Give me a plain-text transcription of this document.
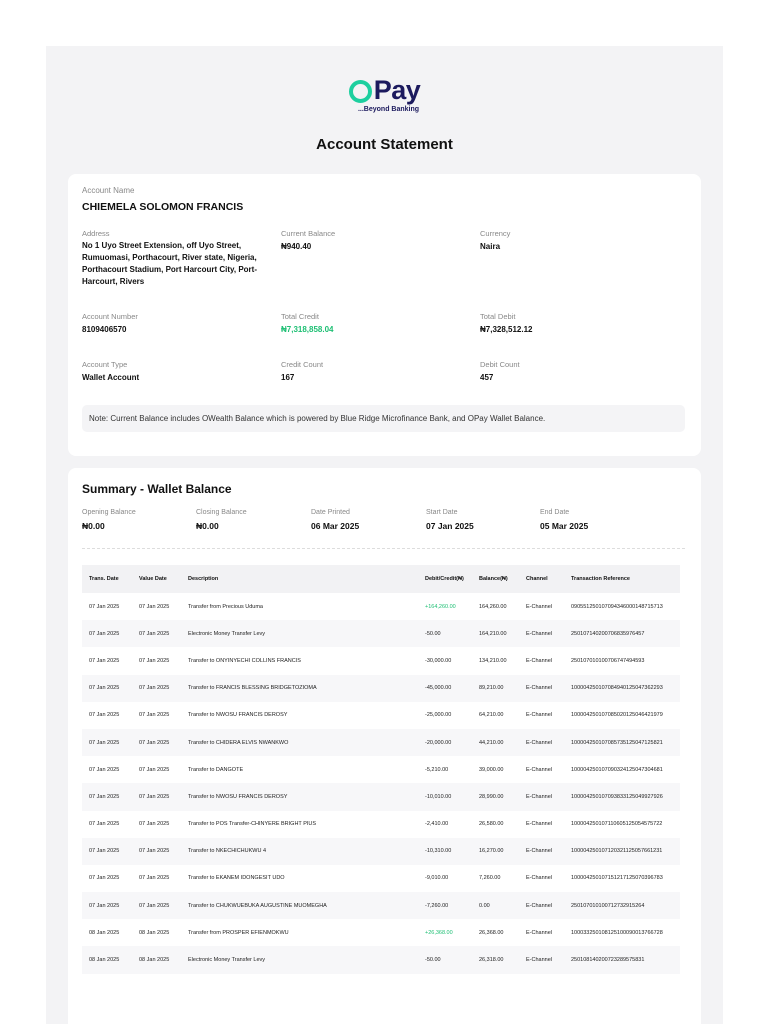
Pay
...Beyond Banking
Account Statement
Account Name
CHIEMELA SOLOMON FRANCIS
Address
No 1 Uyo Street Extension, off Uyo Street, Rumuomasi, Porthacourt, River state, Nigeria, Porthacourt Stadium, Port Harcourt City, Port-Harcourt, Rivers
Current Balance
₦940.40
Currency
Naira
Account Number
8109406570
Total Credit
₦7,318,858.04
Total Debit
₦7,328,512.12
Account Type
Wallet Account
Credit Count
167
Debit Count
457
Note: Current Balance includes OWealth Balance which is powered by Blue Ridge Microfinance Bank, and OPay Wallet Balance.
Summary - Wallet Balance
Opening Balance
₦0.00
Closing Balance
₦0.00
Date Printed
06 Mar 2025
Start Date
07 Jan 2025
End Date
05 Mar 2025
Trans. Date	Value Date	Description	Debit/Credit(₦)	Balance(₦)	Channel	Transaction Reference
07 Jan 2025	07 Jan 2025	Transfer from Precious Uduma	+164,260.00	164,260.00	E-Channel	090551250107094346000148715713
07 Jan 2025	07 Jan 2025	Electronic Money Transfer Levy	-50.00	164,210.00	E-Channel	250107140200706835976457
07 Jan 2025	07 Jan 2025	Transfer to ONYINYECHI COLLINS FRANCIS	-30,000.00	134,210.00	E-Channel	250107010100706747494593
07 Jan 2025	07 Jan 2025	Transfer to FRANCIS BLESSING BRIDGETOZIOMA	-45,000.00	89,210.00	E-Channel	100004250107084940125047362293
07 Jan 2025	07 Jan 2025	Transfer to NWOSU FRANCIS DEROSY	-25,000.00	64,210.00	E-Channel	100004250107085020125046421979
07 Jan 2025	07 Jan 2025	Transfer to CHIDERA ELVIS NWANKWO	-20,000.00	44,210.00	E-Channel	100004250107085735125047125821
07 Jan 2025	07 Jan 2025	Transfer to DANGOTE	-5,210.00	39,000.00	E-Channel	100004250107090324125047304681
07 Jan 2025	07 Jan 2025	Transfer to NWOSU FRANCIS DEROSY	-10,010.00	28,990.00	E-Channel	100004250107093833125049927926
07 Jan 2025	07 Jan 2025	Transfer to POS Transfer-CHINYERE BRIGHT PIUS	-2,410.00	26,580.00	E-Channel	100004250107110605125054575722
07 Jan 2025	07 Jan 2025	Transfer to NKECHICHUKWU 4	-10,310.00	16,270.00	E-Channel	100004250107120321125057661231
07 Jan 2025	07 Jan 2025	Transfer to EKANEM IDONGESIT UDO	-9,010.00	7,260.00	E-Channel	100004250107151217125070396783
07 Jan 2025	07 Jan 2025	Transfer to CHUKWUEBUKA AUGUSTINE MUOMEGHA	-7,260.00	0.00	E-Channel	250107010100712732915264
08 Jan 2025	08 Jan 2025	Transfer from PROSPER EFIENMOKWU	+26,368.00	26,368.00	E-Channel	100033250108125100090013766728
08 Jan 2025	08 Jan 2025	Electronic Money Transfer Levy	-50.00	26,318.00	E-Channel	250108140200723289575831
